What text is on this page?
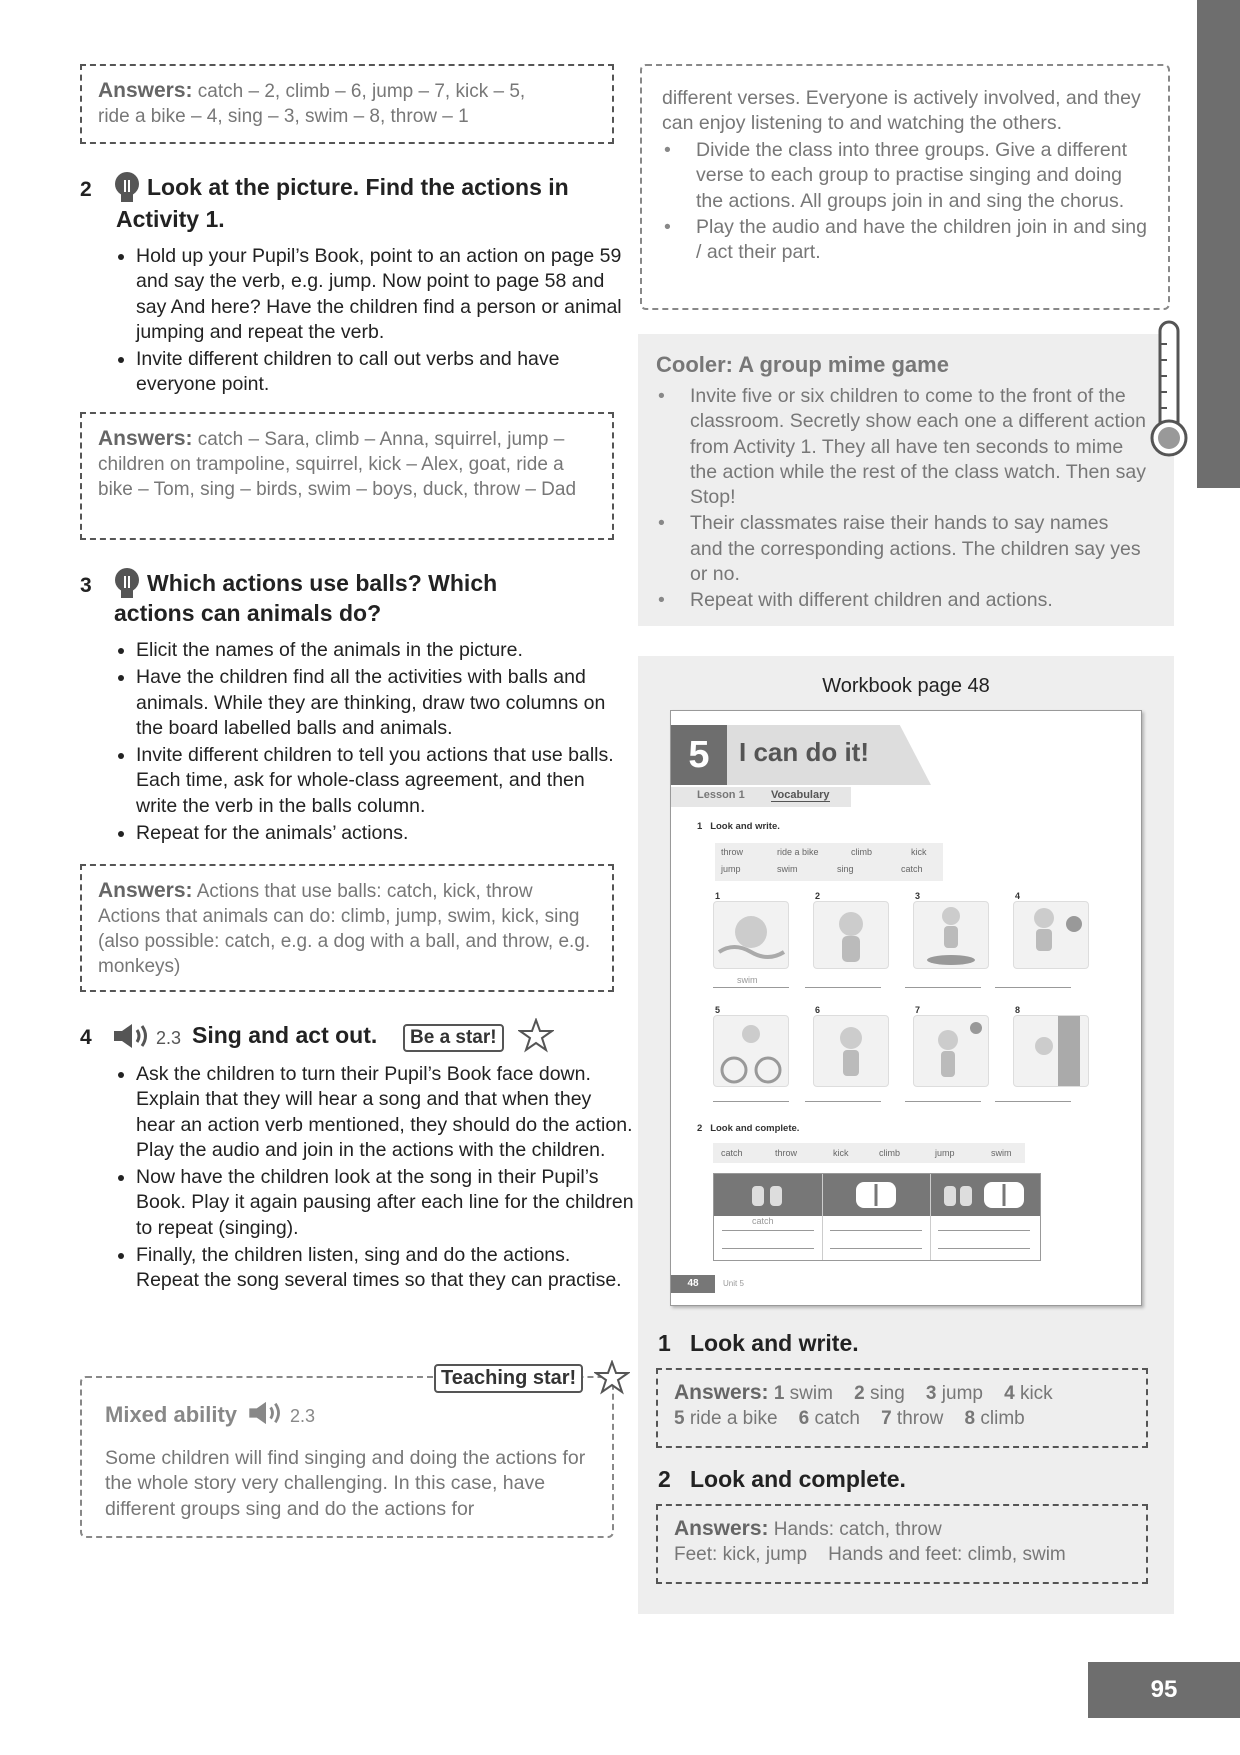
Answers: catch – 2, climb – 6, jump – 7, kick – 5,
ride a bike – 4, sing – 3, swim – 8, throw – 1
2 Look at the picture. Find the actions in
Activity 1.
• Hold up your Pupil’s Book, point to an action on page 59 and say the verb, e.g. jump. Now point to page 58 and say And here? Have the children find a person or animal jumping and repeat the verb.
• Invite different children to call out verbs and have everyone point.
Answers: catch – Sara, climb – Anna, squirrel, jump – children on trampoline, squirrel, kick – Alex, goat, ride a bike – Tom, sing – birds, swim – boys, duck, throw – Dad
3 Which actions use balls? Which
actions can animals do?
• Elicit the names of the animals in the picture.
• Have the children find all the activities with balls and animals. While they are thinking, draw two columns on the board labelled balls and animals.
• Invite different children to tell you actions that use balls. Each time, ask for whole-class agreement, and then write the verb in the balls column.
• Repeat for the animals’ actions.
Answers: Actions that use balls: catch, kick, throw Actions that animals can do: climb, jump, swim, kick, sing (also possible: catch, e.g. a dog with a ball, and throw, e.g. monkeys)
4	2.3 Sing and act out.	Be a star!
• Ask the children to turn their Pupil’s Book face down. Explain that they will hear a song and that when they hear an action verb mentioned, they should do the action. Play the audio and join in the actions with the children.
• Now have the children look at the song in their Pupil’s Book. Play it again pausing after each line for the children to repeat (singing).
• Finally, the children listen, sing and do the actions. Repeat the song several times so that they can practise.
Teaching star!
Mixed ability	2.3
Some children will find singing and doing the actions for the whole story very challenging. In this case, have different groups sing and do the actions for
different verses. Everyone is actively involved, and they can enjoy listening to and watching the others.
• Divide the class into three groups. Give a different verse to each group to practise singing and doing the actions. All groups join in and sing the chorus.
• Play the audio and have the children join in and sing / act their part.
Cooler: A group mime game
• Invite five or six children to come to the front of the classroom. Secretly show each one a different action from Activity 1. They all have ten seconds to mime the action while the rest of the class watch. Then say Stop!
• Their classmates raise their hands to say names and the corresponding actions. The children say yes or no.
• Repeat with different children and actions.
Workbook page 48
5	I can do it!
Lesson 1 Vocabulary
1   Look and write.
throw	ride a bike	climb	kick
jump	swim	sing	catch
1	2	3	4
swim
5	6	7	8
2   Look and complete.
catch	throw	kick	climb	jump	swim
catch
48	Unit 5
1 Look and write.
Answers: 1 swim 2 sing 3 jump 4 kick
5 ride a bike 6 catch 7 throw 8 climb
2 Look and complete.
Answers: Hands: catch, throw
Feet: kick, jump    Hands and feet: climb, swim
95
